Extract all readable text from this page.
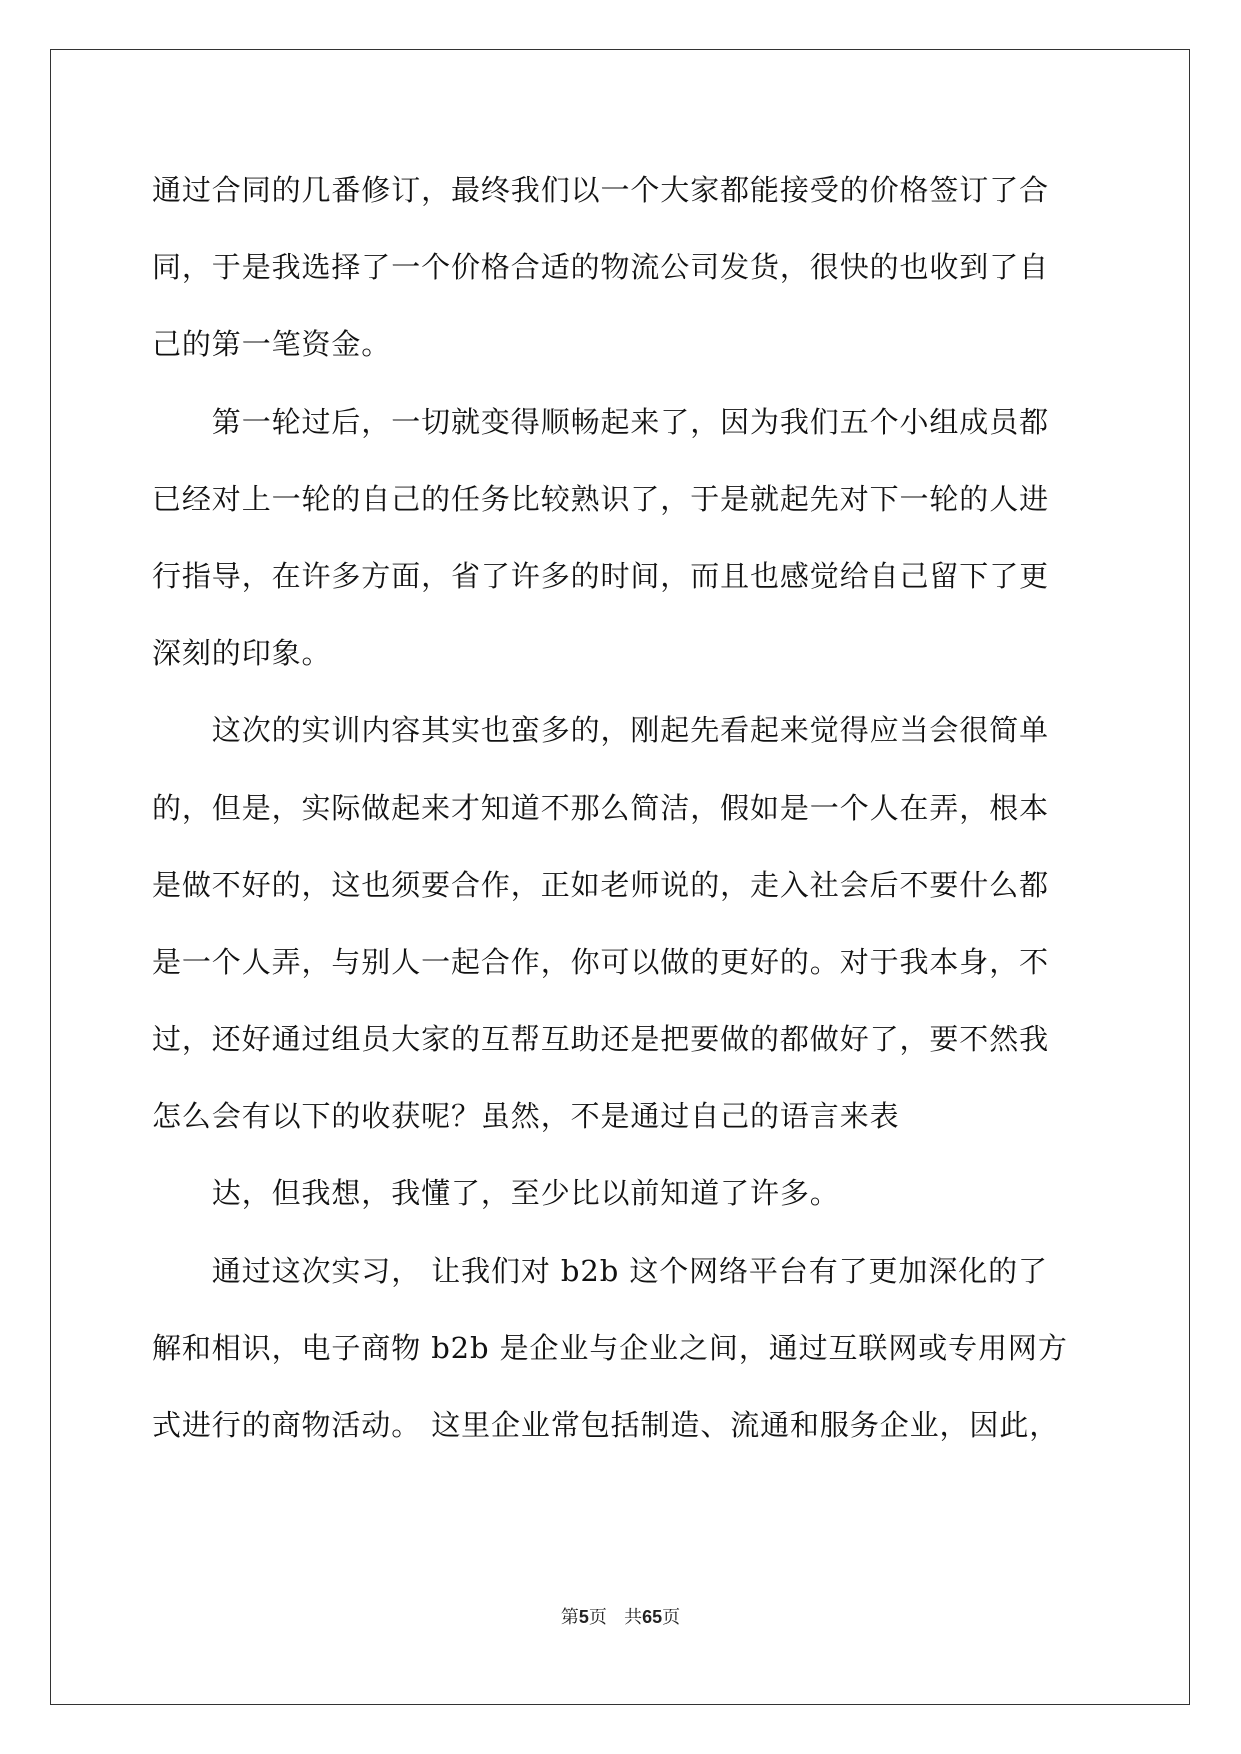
通过合同的几番修订，最终我们以一个大家都能接受的价格签订了合
同，于是我选择了一个价格合适的物流公司发货，很快的也收到了自
己的第一笔资金。
　　第一轮过后，一切就变得顺畅起来了，因为我们五个小组成员都
已经对上一轮的自己的任务比较熟识了，于是就起先对下一轮的人进
行指导，在许多方面，省了许多的时间，而且也感觉给自己留下了更
深刻的印象。
　　这次的实训内容其实也蛮多的，刚起先看起来觉得应当会很简单
的，但是，实际做起来才知道不那么简洁，假如是一个人在弄，根本
是做不好的，这也须要合作，正如老师说的，走入社会后不要什么都
是一个人弄，与别人一起合作，你可以做的更好的。对于我本身，不
过，还好通过组员大家的互帮互助还是把要做的都做好了，要不然我
怎么会有以下的收获呢？虽然，不是通过自己的语言来表
　　达，但我想，我懂了，至少比以前知道了许多。
　　通过这次实习， 让我们对 b2b 这个网络平台有了更加深化的了
解和相识，电子商物 b2b 是企业与企业之间，通过互联网或专用网方
式进行的商物活动。 这里企业常包括制造、流通和服务企业，因此，
第5页 共65页
